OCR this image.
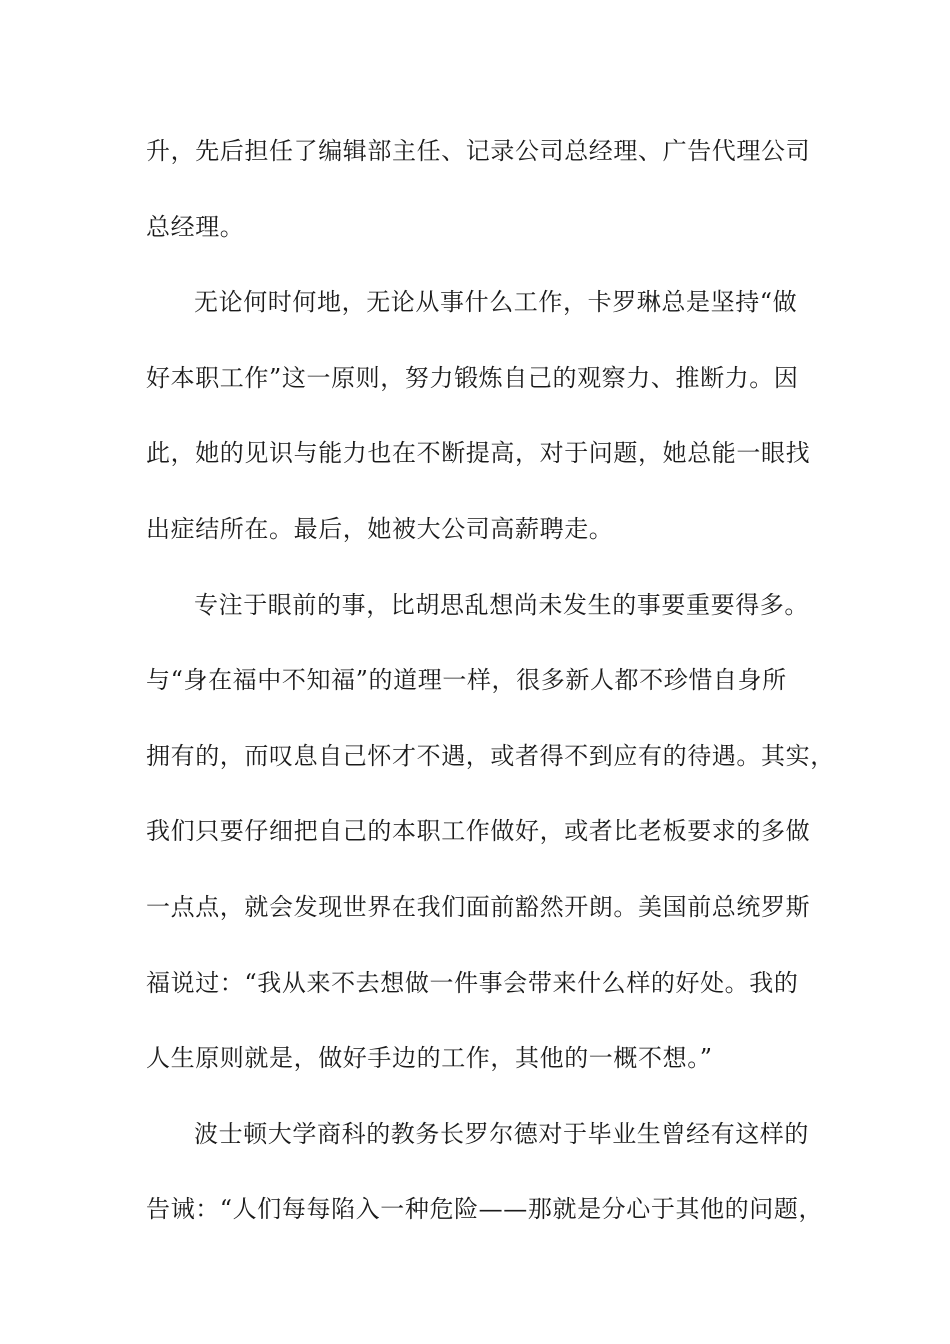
升，先后担任了编辑部主任、记录公司总经理、广告代理公司
总经理。
无论何时何地，无论从事什么工作，卡罗琳总是坚持“做
好本职工作”这一原则，努力锻炼自己的观察力、推断力。因
此，她的见识与能力也在不断提高，对于问题，她总能一眼找
出症结所在。最后，她被大公司高薪聘走。
专注于眼前的事，比胡思乱想尚未发生的事要重要得多。
与“身在福中不知福”的道理一样，很多新人都不珍惜自身所
拥有的，而叹息自己怀才不遇，或者得不到应有的待遇。其实，
我们只要仔细把自己的本职工作做好，或者比老板要求的多做
一点点，就会发现世界在我们面前豁然开朗。美国前总统罗斯
福说过：“我从来不去想做一件事会带来什么样的好处。我的
人生原则就是，做好手边的工作，其他的一概不想。”
波士顿大学商科的教务长罗尔德对于毕业生曾经有这样的
告诫：“人们每每陷入一种危险——那就是分心于其他的问题，
